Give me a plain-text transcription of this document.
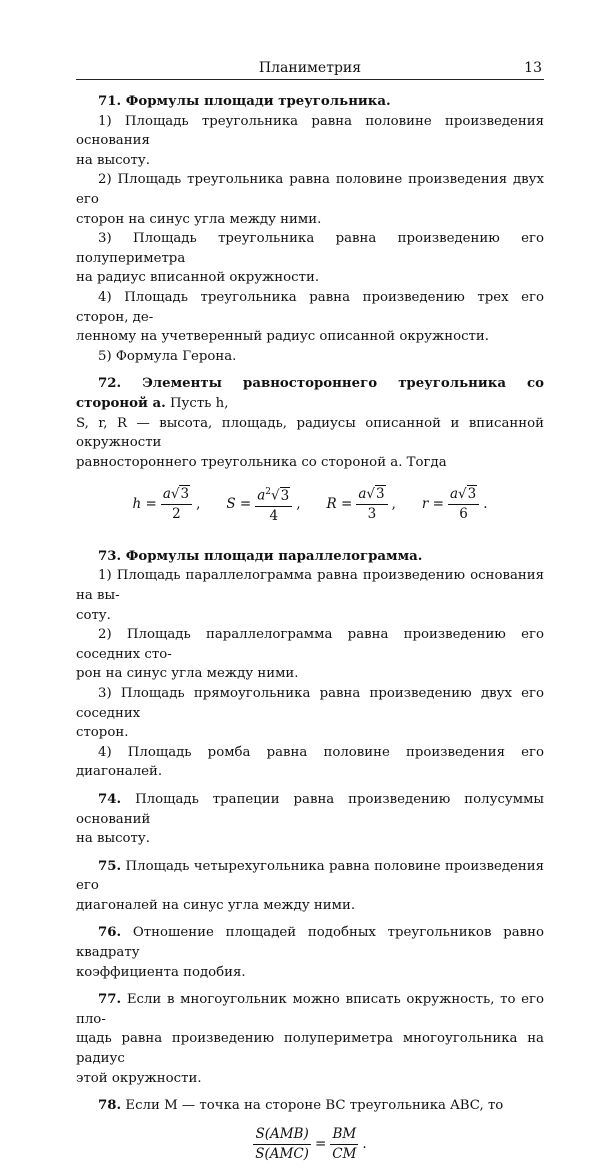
Планиметрия	13
71. Формулы площади треугольника.
1) Площадь треугольника равна половине произведения основания
на высоту.
2) Площадь треугольника равна половине произведения двух его
сторон на синус угла между ними.
3) Площадь треугольника равна произведению его полупериметра
на радиус вписанной окружности.
4) Площадь треугольника равна произведению трех его сторон, де-
ленному на учетверенный радиус описанной окружности.
5) Формула Герона.
72. Элементы равностороннего треугольника со стороной a. Пусть h,
S, r, R — высота, площадь, радиусы описанной и вписанной окружности
равностороннего треугольника со стороной a. Тогда
$h = \frac{a√3}{2}$ , $S = \frac{a^2√3}{4}$ , $R = \frac{a√3}{3}$ , $r = \frac{a√3}{6}$ .
73. Формулы площади параллелограмма.
1) Площадь параллелограмма равна произведению основания на вы-
соту.
2) Площадь параллелограмма равна произведению его соседних сто-
рон на синус угла между ними.
3) Площадь прямоугольника равна произведению двух его соседних
сторон.
4) Площадь ромба равна половине произведения его диагоналей.
74. Площадь трапеции равна произведению полусуммы оснований
на высоту.
75. Площадь четырехугольника равна половине произведения его
диагоналей на синус угла между ними.
76. Отношение площадей подобных треугольников равно квадрату
коэффициента подобия.
77. Если в многоугольник можно вписать окружность, то его пло-
щадь равна произведению полупериметра многоугольника на радиус
этой окружности.
78. Если M — точка на стороне BC треугольника ABC, то
$\frac{\text{S(AMB)}}{\text{S(AMC)}} = \frac{BM}{CM}$ .
